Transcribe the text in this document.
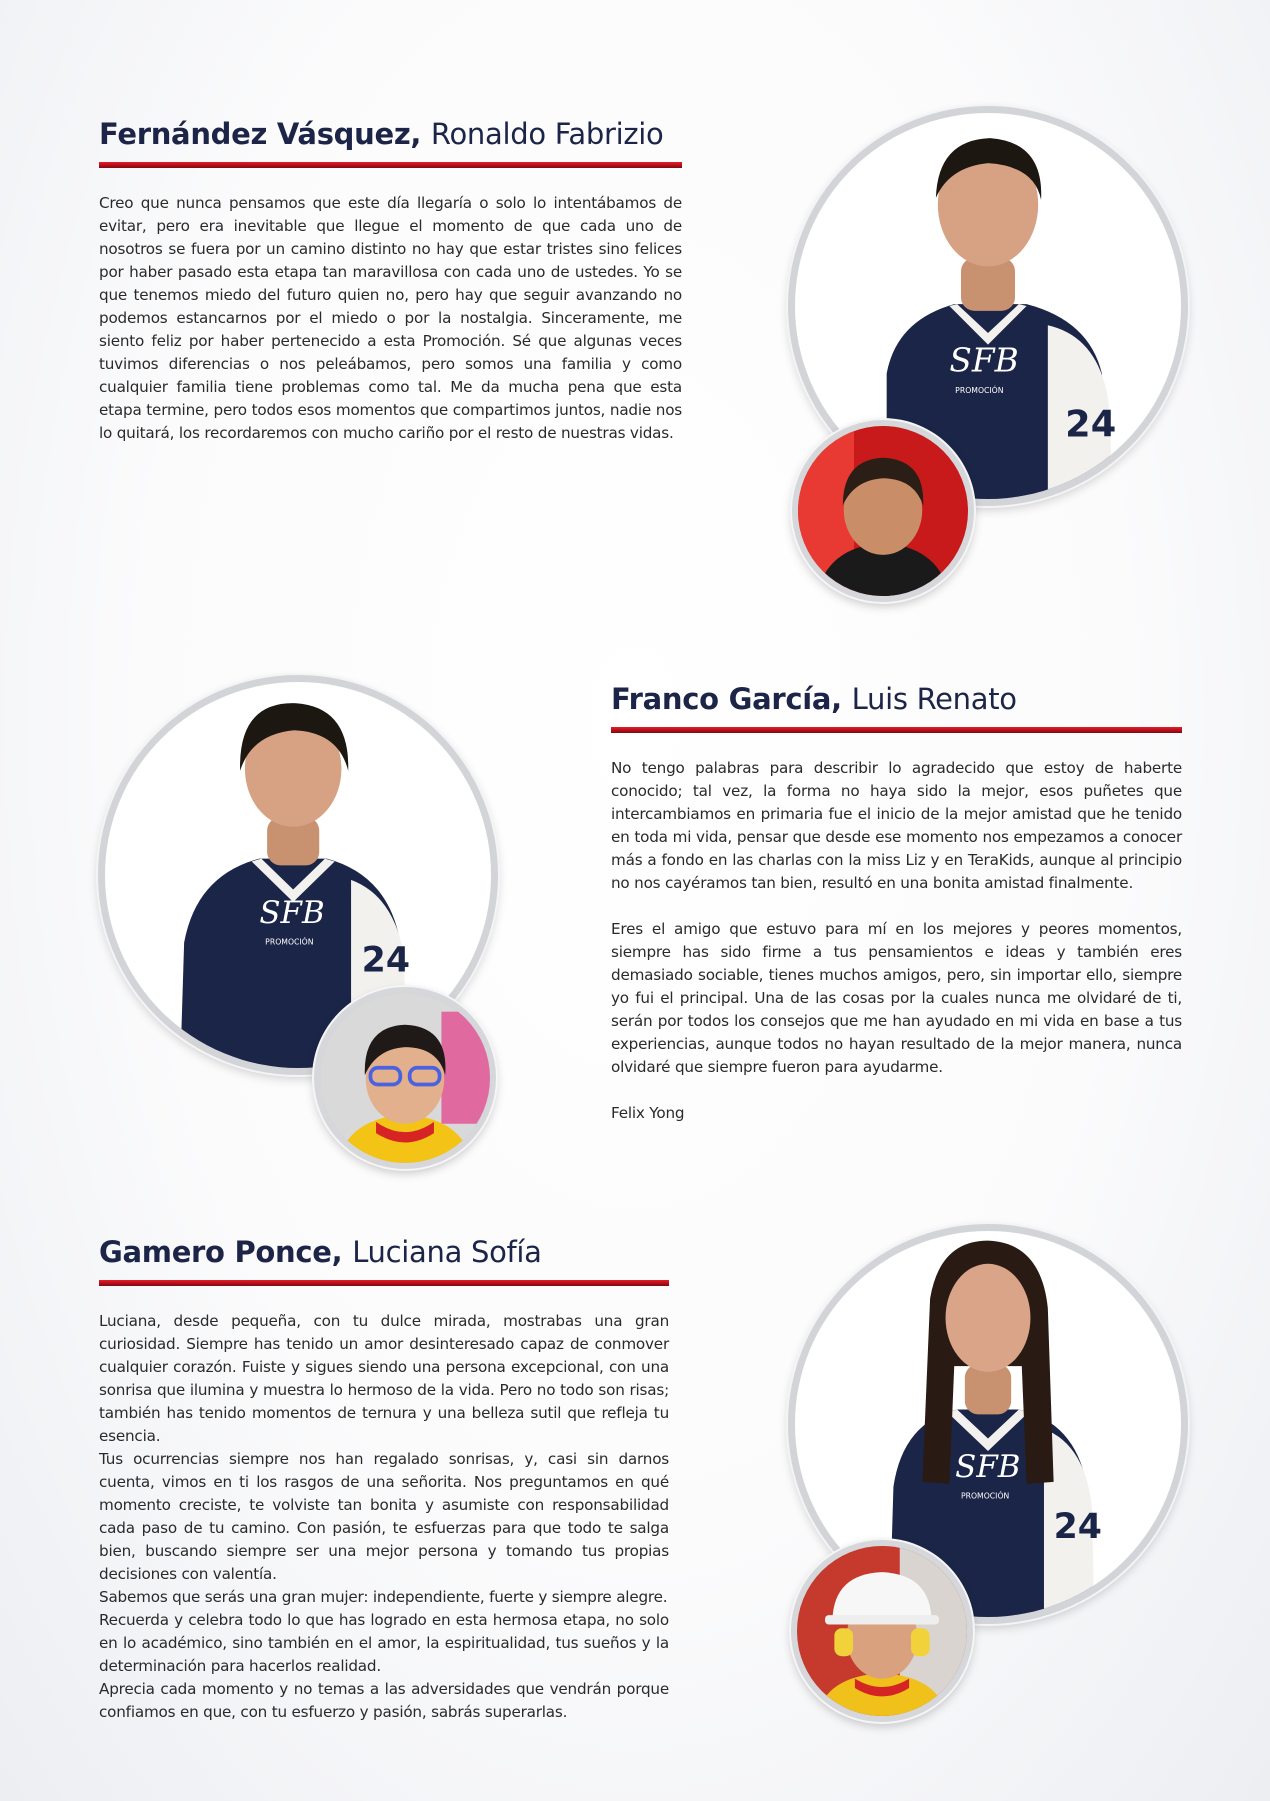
Fernández Vásquez, Ronaldo Fabrizio

Creo que nunca pensamos que este día llegaría o solo lo intentábamos de evitar, pero era inevitable que llegue el momento de que cada uno de nosotros se fuera por un camino distinto no hay que estar tristes sino felices por haber pasado esta etapa tan maravillosa con cada uno de ustedes. Yo se que tenemos miedo del futuro quien no, pero hay que seguir avanzando no podemos estancarnos por el miedo o por la nostalgia. Sinceramente, me siento feliz por haber pertenecido a esta Promoción. Sé que algunas veces tuvimos diferencias o nos peleábamos, pero somos una familia y como cualquier familia tiene problemas como tal. Me da mucha pena que esta etapa termine, pero todos esos momentos que compartimos juntos, nadie nos lo quitará, los recordaremos con mucho cariño por el resto de nuestras vidas.

SFB
PROMOCIÓN
24
SFB
PROMOCIÓN 24
Franco García, Luis Renato

No tengo palabras para describir lo agradecido que estoy de haberte conocido; tal vez, la forma no haya sido la mejor, esos puñetes que intercambiamos en primaria fue el inicio de la mejor amistad que he tenido en toda mi vida, pensar que desde ese momento nos empezamos a conocer más a fondo en las charlas con la miss Liz y en TeraKids, aunque al principio no nos cayéramos tan bien, resultó en una bonita amistad finalmente.

Eres el amigo que estuvo para mí en los mejores y peores momentos, siempre has sido firme a tus pensamientos e ideas y también eres demasiado sociable, tienes muchos amigos, pero, sin importar ello, siempre yo fui el principal. Una de las cosas por la cuales nunca me olvidaré de ti, serán por todos los consejos que me han ayudado en mi vida en base a tus experiencias, aunque todos no hayan resultado de la mejor manera, nunca olvidaré que siempre fueron para ayudarme.

Felix Yong

Gamero Ponce, Luciana Sofía

Luciana, desde pequeña, con tu dulce mirada, mostrabas una gran curiosidad. Siempre has tenido un amor desinteresado capaz de conmover cualquier corazón. Fuiste y sigues siendo una persona excepcional, con una sonrisa que ilumina y muestra lo hermoso de la vida. Pero no todo son risas; también has tenido momentos de ternura y una belleza sutil que refleja tu esencia.

Tus ocurrencias siempre nos han regalado sonrisas, y, casi sin darnos cuenta, vimos en ti los rasgos de una señorita. Nos preguntamos en qué momento creciste, te volviste tan bonita y asumiste con responsabilidad cada paso de tu camino. Con pasión, te esfuerzas para que todo te salga bien, buscando siempre ser una mejor persona y tomando tus propias decisiones con valentía.

Sabemos que serás una gran mujer: independiente, fuerte y siempre alegre.

Recuerda y celebra todo lo que has logrado en esta hermosa etapa, no solo en lo académico, sino también en el amor, la espiritualidad, tus sueños y la determinación para hacerlos realidad.

Aprecia cada momento y no temas a las adversidades que vendrán porque confiamos en que, con tu esfuerzo y pasión, sabrás superarlas.

SFB
PROMOCIÓN
24
